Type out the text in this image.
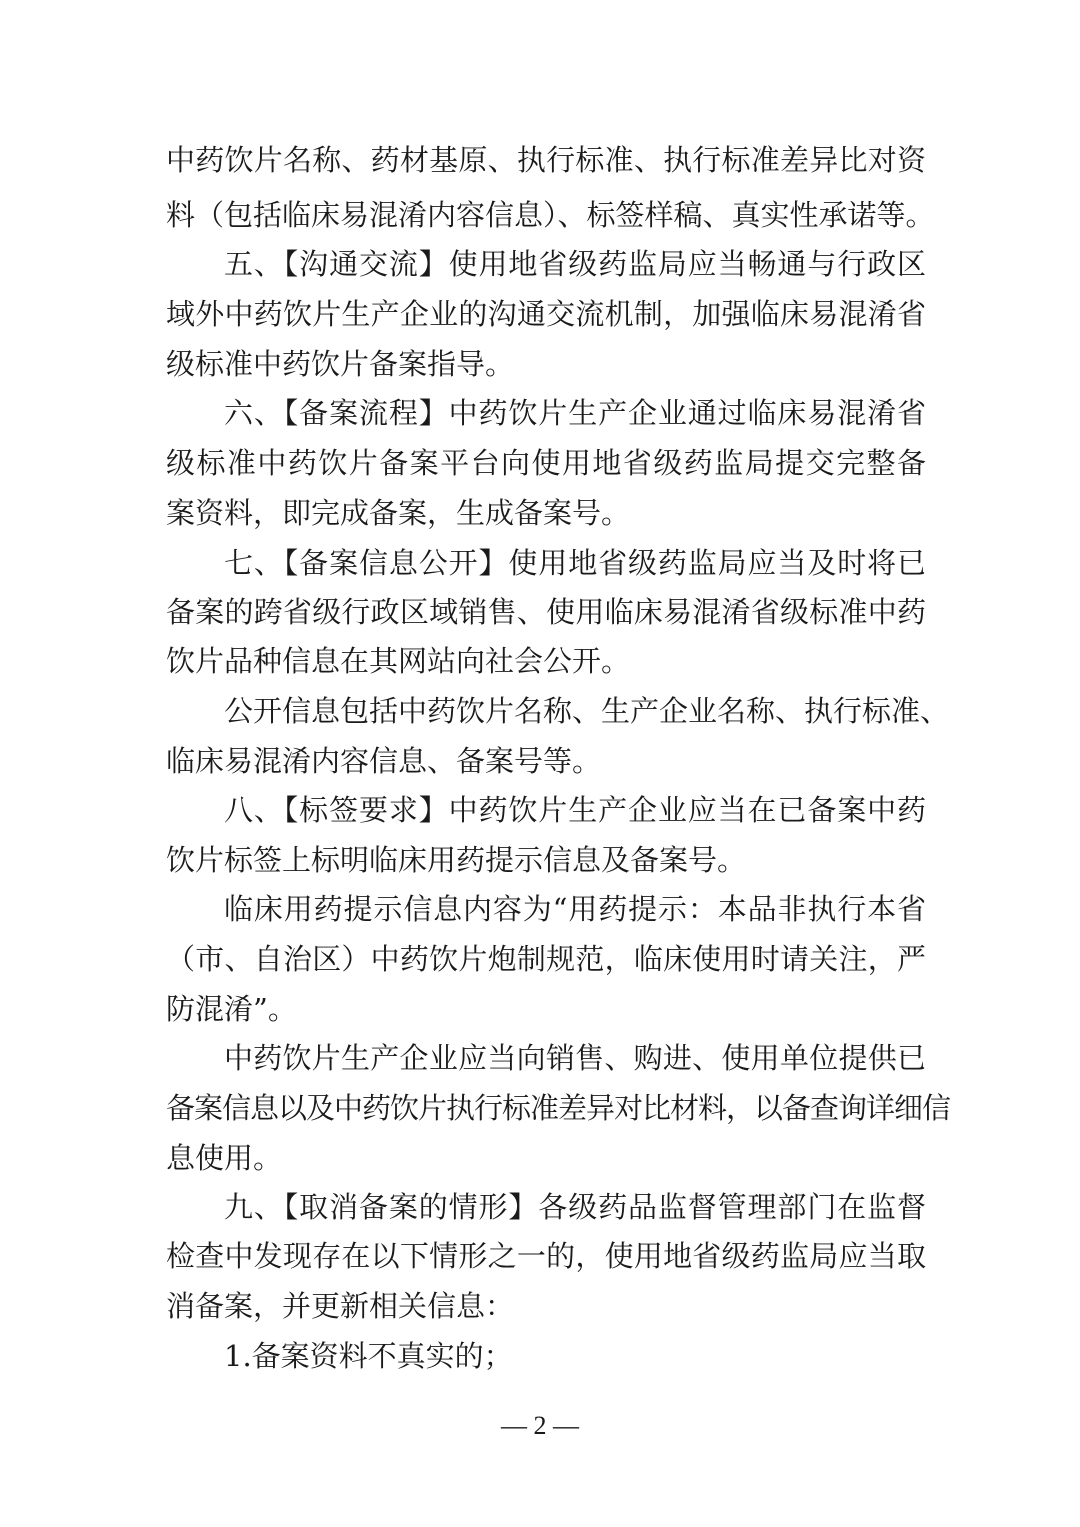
中药饮片名称、药材基原、执行标准、执行标准差异比对资
料（包括临床易混淆内容信息）、标签样稿、真实性承诺等。
五、【沟通交流】使用地省级药监局应当畅通与行政区
域外中药饮片生产企业的沟通交流机制，加强临床易混淆省
级标准中药饮片备案指导。
六、【备案流程】中药饮片生产企业通过临床易混淆省
级标准中药饮片备案平台向使用地省级药监局提交完整备
案资料，即完成备案，生成备案号。
七、【备案信息公开】使用地省级药监局应当及时将已
备案的跨省级行政区域销售、使用临床易混淆省级标准中药
饮片品种信息在其网站向社会公开。
公开信息包括中药饮片名称、生产企业名称、执行标准、
临床易混淆内容信息、备案号等。
八、【标签要求】中药饮片生产企业应当在已备案中药
饮片标签上标明临床用药提示信息及备案号。
临床用药提示信息内容为“用药提示：本品非执行本省
（市、自治区）中药饮片炮制规范，临床使用时请关注，严
防混淆”。
中药饮片生产企业应当向销售、购进、使用单位提供已
备案信息以及中药饮片执行标准差异对比材料，以备查询详细信
息使用。
九、【取消备案的情形】各级药品监督管理部门在监督
检查中发现存在以下情形之一的，使用地省级药监局应当取
消备案，并更新相关信息：
1.备案资料不真实的；
— 2 —
